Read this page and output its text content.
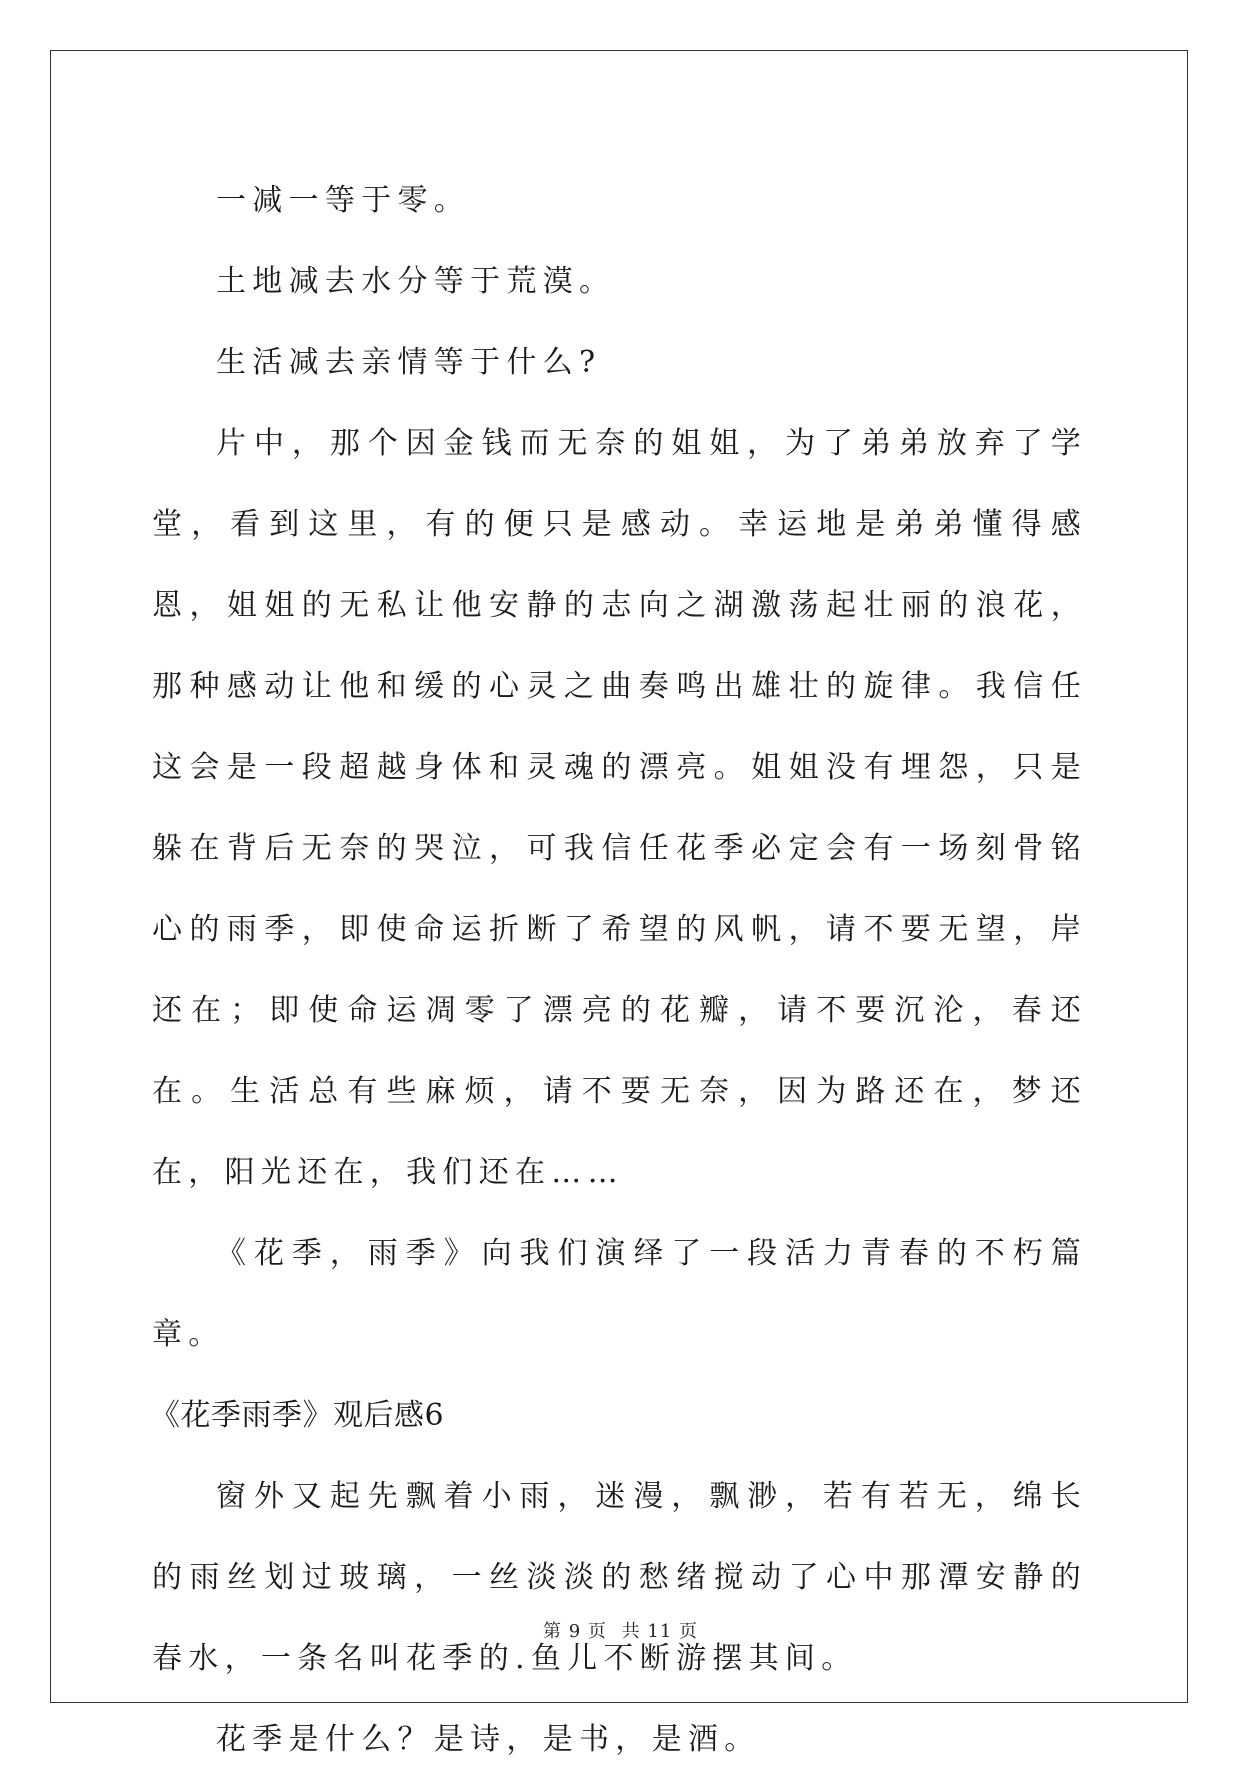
一减一等于零。

土地减去水分等于荒漠。

生活减去亲情等于什么?

片中，那个因金钱而无奈的姐姐，为了弟弟放弃了学堂，看到这里，有的便只是感动。幸运地是弟弟懂得感恩，姐姐的无私让他安静的志向之湖激荡起壮丽的浪花，那种感动让他和缓的心灵之曲奏鸣出雄壮的旋律。我信任这会是一段超越身体和灵魂的漂亮。姐姐没有埋怨，只是躲在背后无奈的哭泣，可我信任花季必定会有一场刻骨铭心的雨季，即使命运折断了希望的风帆，请不要无望，岸还在；即使命运凋零了漂亮的花瓣，请不要沉沦，春还在。生活总有些麻烦，请不要无奈，因为路还在，梦还在，阳光还在，我们还在……

《花季，雨季》向我们演绎了一段活力青春的不朽篇章。

《花季雨季》观后感6

窗外又起先飘着小雨，迷漫，飘渺，若有若无，绵长的雨丝划过玻璃，一丝淡淡的愁绪搅动了心中那潭安静的春水，一条名叫花季的.鱼儿不断游摆其间。

花季是什么？是诗，是书，是酒。

第 9 页 共 11 页
